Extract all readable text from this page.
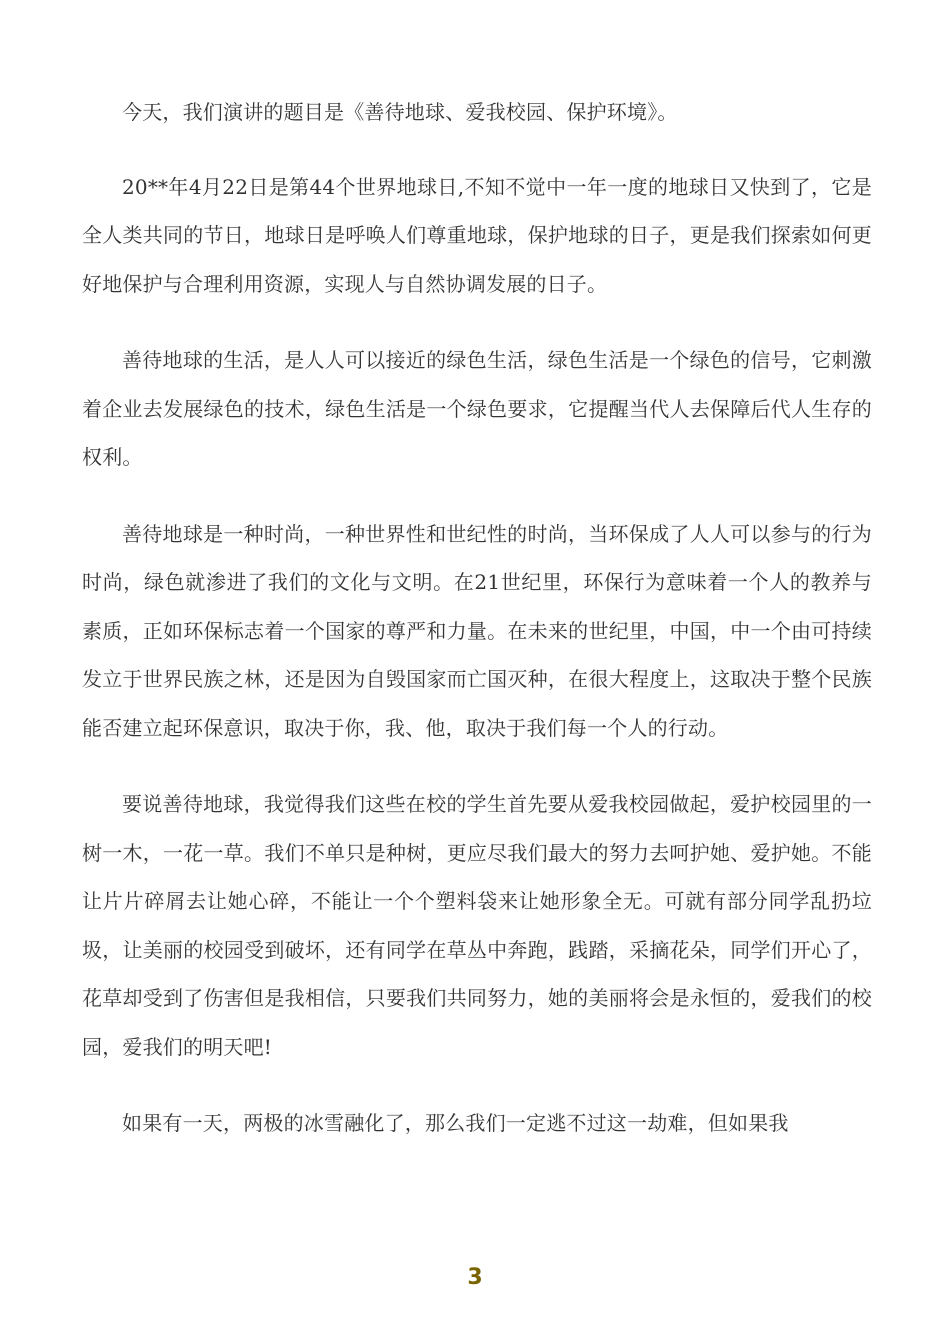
今天，我们演讲的题目是《善待地球、爱我校园、保护环境》。

20**年4月22日是第44个世界地球日,不知不觉中一年一度的地球日又快到了，它是全人类共同的节日，地球日是呼唤人们尊重地球，保护地球的日子，更是我们探索如何更好地保护与合理利用资源，实现人与自然协调发展的日子。

善待地球的生活，是人人可以接近的绿色生活，绿色生活是一个绿色的信号，它刺激着企业去发展绿色的技术，绿色生活是一个绿色要求，它提醒当代人去保障后代人生存的权利。

善待地球是一种时尚，一种世界性和世纪性的时尚，当环保成了人人可以参与的行为时尚，绿色就渗进了我们的文化与文明。在21世纪里，环保行为意味着一个人的教养与素质，正如环保标志着一个国家的尊严和力量。在未来的世纪里，中国，中一个由可持续发立于世界民族之林，还是因为自毁国家而亡国灭种，在很大程度上，这取决于整个民族能否建立起环保意识，取决于你，我、他，取决于我们每一个人的行动。

要说善待地球，我觉得我们这些在校的学生首先要从爱我校园做起，爱护校园里的一树一木，一花一草。我们不单只是种树，更应尽我们最大的努力去呵护她、爱护她。不能让片片碎屑去让她心碎，不能让一个个塑料袋来让她形象全无。可就有部分同学乱扔垃圾，让美丽的校园受到破坏，还有同学在草丛中奔跑，践踏，采摘花朵，同学们开心了，花草却受到了伤害但是我相信，只要我们共同努力，她的美丽将会是永恒的，爱我们的校园，爱我们的明天吧!

如果有一天，两极的冰雪融化了，那么我们一定逃不过这一劫难，但如果我

3
